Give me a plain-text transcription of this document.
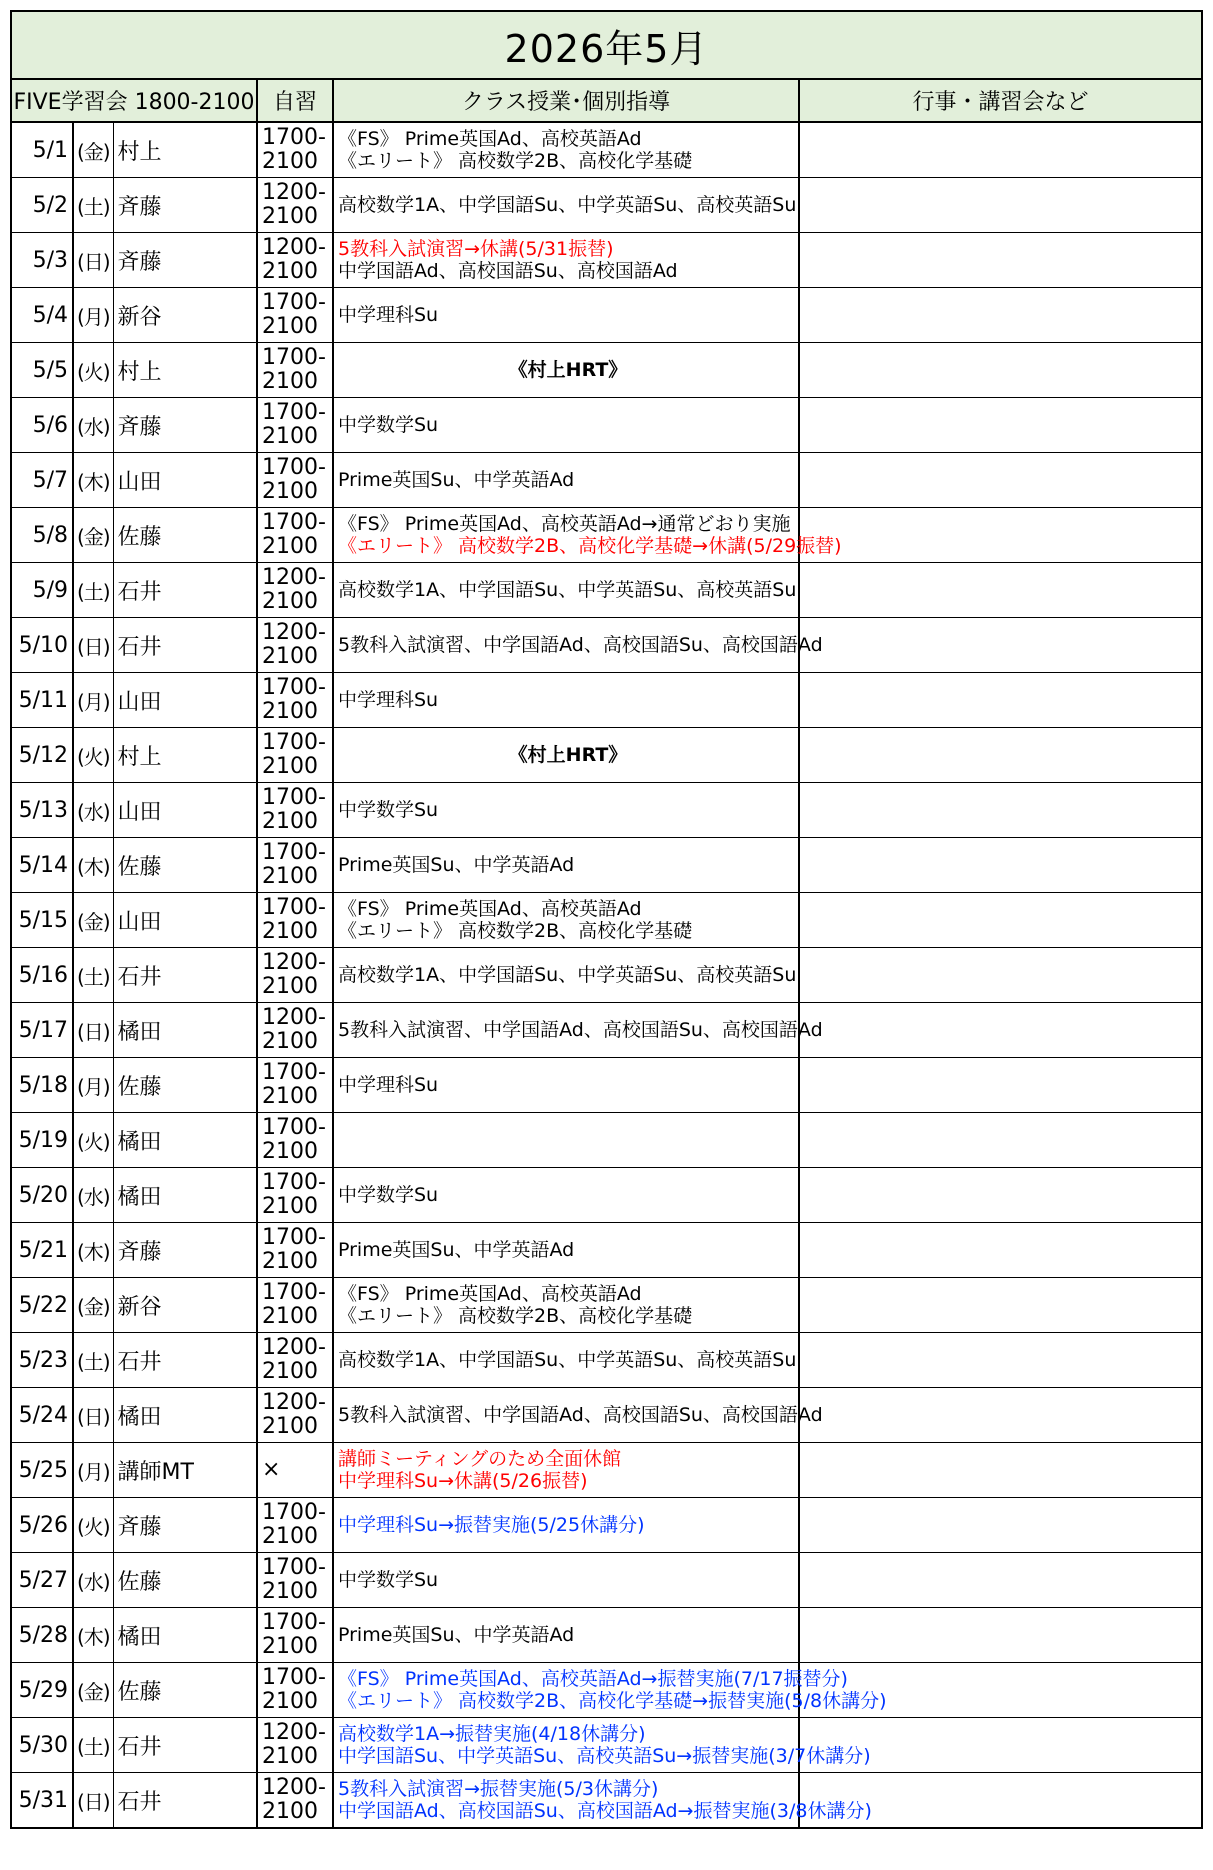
2026年5月
FIVE学習会 1800-2100			自習	クラス授業･個別指導	行事・講習会など
5/1	(金)	村上	1700-2100	《FS》 Prime英国Ad、高校英語Ad
《エリート》 高校数学2B、高校化学基礎	

5/2	(土)	斉藤	1200-2100	高校数学1A、中学国語Su、中学英語Su、高校英語Su	

5/3	(日)	斉藤	1200-2100	5教科入試演習→休講(5/31振替)
中学国語Ad、高校国語Su、高校国語Ad	

5/4	(月)	新谷	1700-2100	中学理科Su	

5/5	(火)	村上	1700-2100	《村上HRT》	

5/6	(水)	斉藤	1700-2100	中学数学Su	

5/7	(木)	山田	1700-2100	Prime英国Su、中学英語Ad	

5/8	(金)	佐藤	1700-2100	《FS》 Prime英国Ad、高校英語Ad→通常どおり実施
《エリート》 高校数学2B、高校化学基礎→休講(5/29振替)	

5/9	(土)	石井	1200-2100	高校数学1A、中学国語Su、中学英語Su、高校英語Su	

5/10	(日)	石井	1200-2100	5教科入試演習、中学国語Ad、高校国語Su、高校国語Ad	

5/11	(月)	山田	1700-2100	中学理科Su	

5/12	(火)	村上	1700-2100	《村上HRT》	

5/13	(水)	山田	1700-2100	中学数学Su	

5/14	(木)	佐藤	1700-2100	Prime英国Su、中学英語Ad	

5/15	(金)	山田	1700-2100	《FS》 Prime英国Ad、高校英語Ad
《エリート》 高校数学2B、高校化学基礎	

5/16	(土)	石井	1200-2100	高校数学1A、中学国語Su、中学英語Su、高校英語Su	

5/17	(日)	橘田	1200-2100	5教科入試演習、中学国語Ad、高校国語Su、高校国語Ad	

5/18	(月)	佐藤	1700-2100	中学理科Su	

5/19	(火)	橘田	1700-2100		
5/20	(水)	橘田	1700-2100	中学数学Su	

5/21	(木)	斉藤	1700-2100	Prime英国Su、中学英語Ad	

5/22	(金)	新谷	1700-2100	《FS》 Prime英国Ad、高校英語Ad
《エリート》 高校数学2B、高校化学基礎	

5/23	(土)	石井	1200-2100	高校数学1A、中学国語Su、中学英語Su、高校英語Su	

5/24	(日)	橘田	1200-2100	5教科入試演習、中学国語Ad、高校国語Su、高校国語Ad	

5/25	(月)	講師MT	×	講師ミーティングのため全面休館
中学理科Su→休講(5/26振替)	

5/26	(火)	斉藤	1700-2100	中学理科Su→振替実施(5/25休講分)	

5/27	(水)	佐藤	1700-2100	中学数学Su	

5/28	(木)	橘田	1700-2100	Prime英国Su、中学英語Ad	

5/29	(金)	佐藤	1700-2100	《FS》 Prime英国Ad、高校英語Ad→振替実施(7/17振替分)
《エリート》 高校数学2B、高校化学基礎→振替実施(5/8休講分)	

5/30	(土)	石井	1200-2100	高校数学1A→振替実施(4/18休講分)
中学国語Su、中学英語Su、高校英語Su→振替実施(3/7休講分)	

5/31	(日)	石井	1200-2100	5教科入試演習→振替実施(5/3休講分)
中学国語Ad、高校国語Su、高校国語Ad→振替実施(3/8休講分)	
